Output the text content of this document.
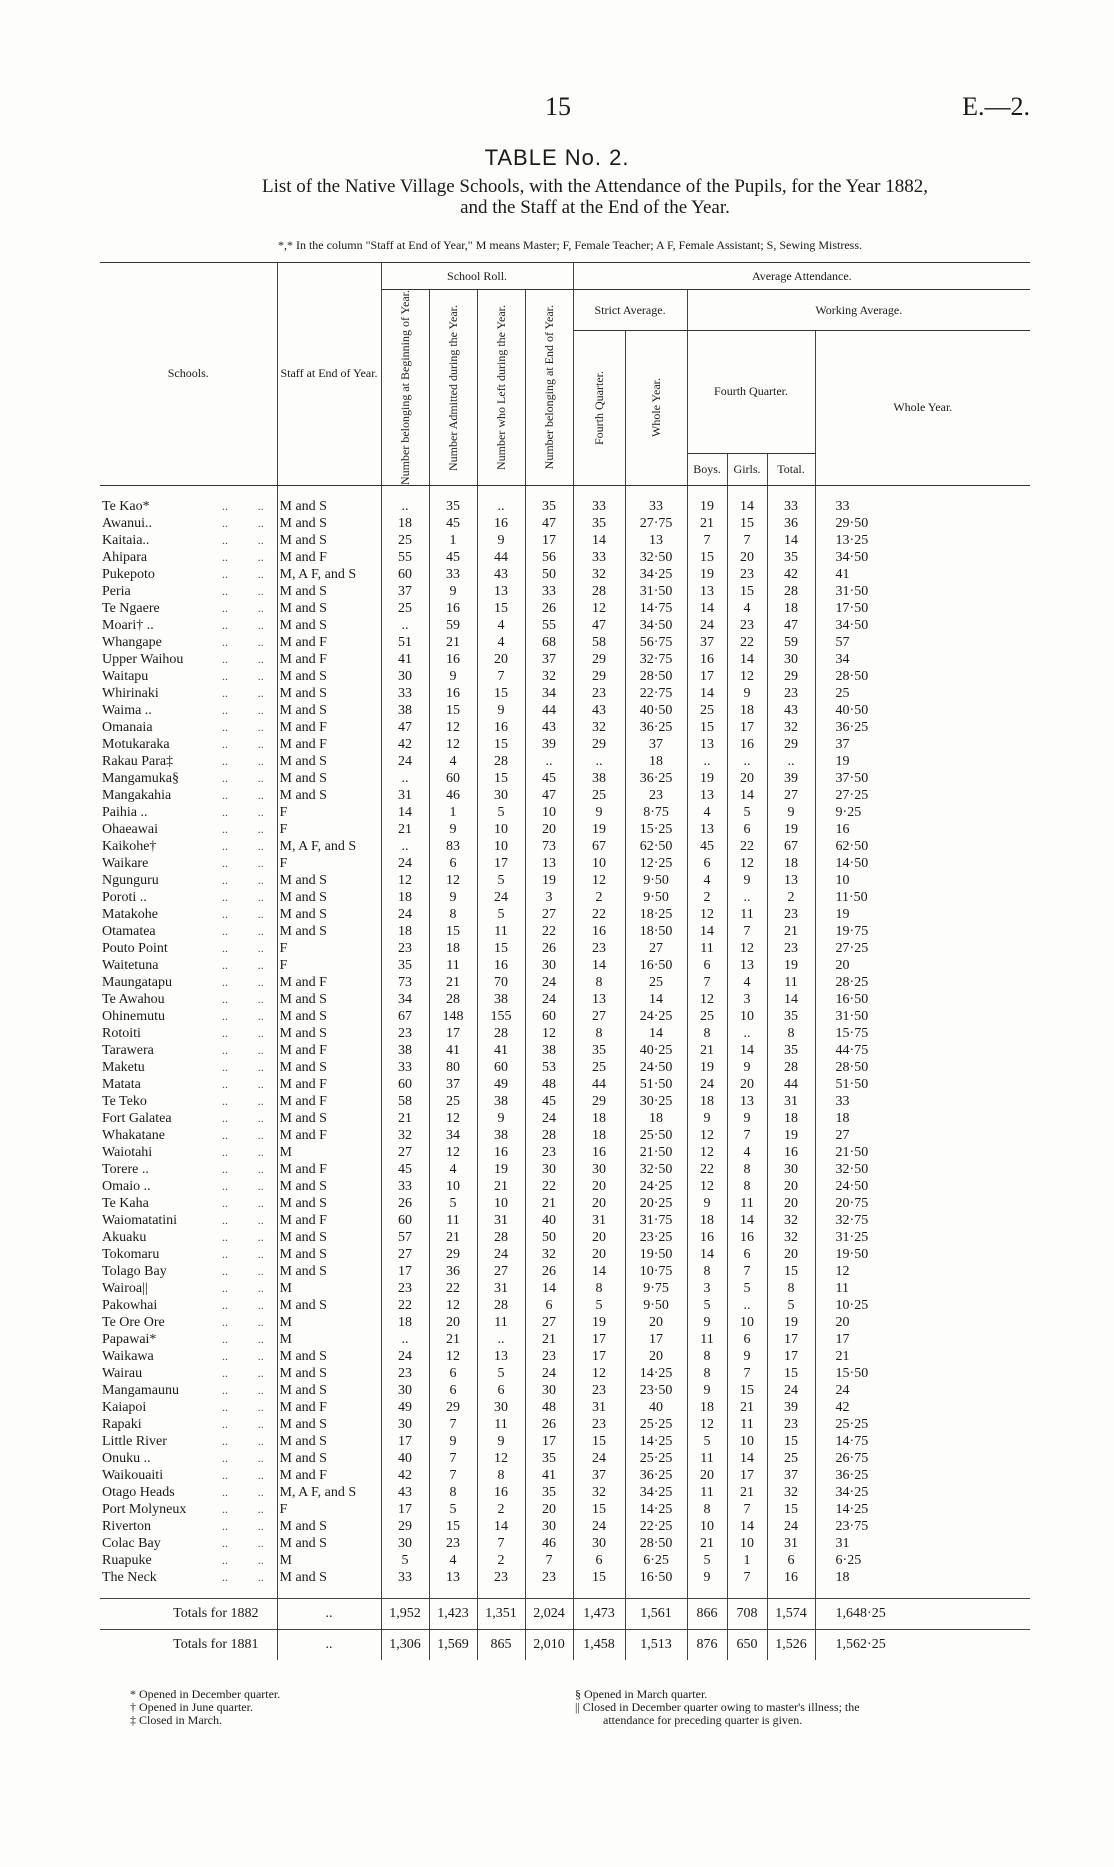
15	E.—2.
TABLE No. 2.
List of the Native Village Schools, with the Attendance of the Pupils, for the Year 1882,
and the Staff at the End of the Year.
*,* In the column "Staff at End of Year," M means Master; F, Female Teacher; A F, Female Assistant; S, Sewing Mistress.
Schools.			Staff at End of Year.		School Roll.				Average Attendance.					

					Number belonging at Beginning of Year.	Number Admitted during the Year.	Number who Left during the Year.	Number belonging at End of Year.	Strict Average.		Working Average.			

									Fourth Quarter.	Whole Year.	Fourth Quarter.			Whole Year.
											Boys.	Girls.	Total.	
Te Kao*	..	..	M and S		..	35	..	35	33	33	19	14	33	33
Awanui..	..	..	M and S		18	45	16	47	35	27·75	21	15	36	29·50
Kaitaia..	..	..	M and S		25	1	9	17	14	13	7	7	14	13·25
Ahipara	..	..	M and F		55	45	44	56	33	32·50	15	20	35	34·50
Pukepoto	..	..	M, A F, and S		60	33	43	50	32	34·25	19	23	42	41
Peria	..	..	M and S		37	9	13	33	28	31·50	13	15	28	31·50
Te Ngaere	..	..	M and S		25	16	15	26	12	14·75	14	4	18	17·50
Moari† ..	..	..	M and S		..	59	4	55	47	34·50	24	23	47	34·50
Whangape	..	..	M and F		51	21	4	68	58	56·75	37	22	59	57
Upper Waihou	..	..	M and F		41	16	20	37	29	32·75	16	14	30	34
Waitapu	..	..	M and S		30	9	7	32	29	28·50	17	12	29	28·50
Whirinaki	..	..	M and S		33	16	15	34	23	22·75	14	9	23	25
Waima ..	..	..	M and S		38	15	9	44	43	40·50	25	18	43	40·50
Omanaia	..	..	M and F		47	12	16	43	32	36·25	15	17	32	36·25
Motukaraka	..	..	M and F		42	12	15	39	29	37	13	16	29	37
Rakau Para‡	..	..	M and S		24	4	28	..	..	18	..	..	..	19
Mangamuka§	..	..	M and S		..	60	15	45	38	36·25	19	20	39	37·50
Mangakahia	..	..	M and S		31	46	30	47	25	23	13	14	27	27·25
Paihia ..	..	..	F		14	1	5	10	9	8·75	4	5	9	9·25
Ohaeawai	..	..	F		21	9	10	20	19	15·25	13	6	19	16
Kaikohe†	..	..	M, A F, and S		..	83	10	73	67	62·50	45	22	67	62·50
Waikare	..	..	F		24	6	17	13	10	12·25	6	12	18	14·50
Ngunguru	..	..	M and S		12	12	5	19	12	9·50	4	9	13	10
Poroti ..	..	..	M and S		18	9	24	3	2	9·50	2	..	2	11·50
Matakohe	..	..	M and S		24	8	5	27	22	18·25	12	11	23	19
Otamatea	..	..	M and S		18	15	11	22	16	18·50	14	7	21	19·75
Pouto Point	..	..	F		23	18	15	26	23	27	11	12	23	27·25
Waitetuna	..	..	F		35	11	16	30	14	16·50	6	13	19	20
Maungatapu	..	..	M and F		73	21	70	24	8	25	7	4	11	28·25
Te Awahou	..	..	M and S		34	28	38	24	13	14	12	3	14	16·50
Ohinemutu	..	..	M and S		67	148	155	60	27	24·25	25	10	35	31·50
Rotoiti	..	..	M and S		23	17	28	12	8	14	8	..	8	15·75
Tarawera	..	..	M and F		38	41	41	38	35	40·25	21	14	35	44·75
Maketu	..	..	M and S		33	80	60	53	25	24·50	19	9	28	28·50
Matata	..	..	M and F		60	37	49	48	44	51·50	24	20	44	51·50
Te Teko	..	..	M and F		58	25	38	45	29	30·25	18	13	31	33
Fort Galatea	..	..	M and S		21	12	9	24	18	18	9	9	18	18
Whakatane	..	..	M and F		32	34	38	28	18	25·50	12	7	19	27
Waiotahi	..	..	M		27	12	16	23	16	21·50	12	4	16	21·50
Torere ..	..	..	M and F		45	4	19	30	30	32·50	22	8	30	32·50
Omaio ..	..	..	M and S		33	10	21	22	20	24·25	12	8	20	24·50
Te Kaha	..	..	M and S		26	5	10	21	20	20·25	9	11	20	20·75
Waiomatatini	..	..	M and F		60	11	31	40	31	31·75	18	14	32	32·75
Akuaku	..	..	M and S		57	21	28	50	20	23·25	16	16	32	31·25
Tokomaru	..	..	M and S		27	29	24	32	20	19·50	14	6	20	19·50
Tolago Bay	..	..	M and S		17	36	27	26	14	10·75	8	7	15	12
Wairoa||	..	..	M		23	22	31	14	8	9·75	3	5	8	11
Pakowhai	..	..	M and S		22	12	28	6	5	9·50	5	..	5	10·25
Te Ore Ore	..	..	M		18	20	11	27	19	20	9	10	19	20
Papawai*	..	..	M		..	21	..	21	17	17	11	6	17	17
Waikawa	..	..	M and S		24	12	13	23	17	20	8	9	17	21
Wairau	..	..	M and S		23	6	5	24	12	14·25	8	7	15	15·50
Mangamaunu	..	..	M and S		30	6	6	30	23	23·50	9	15	24	24
Kaiapoi	..	..	M and F		49	29	30	48	31	40	18	21	39	42
Rapaki	..	..	M and S		30	7	11	26	23	25·25	12	11	23	25·25
Little River	..	..	M and S		17	9	9	17	15	14·25	5	10	15	14·75
Onuku ..	..	..	M and S		40	7	12	35	24	25·25	11	14	25	26·75
Waikouaiti	..	..	M and F		42	7	8	41	37	36·25	20	17	37	36·25
Otago Heads	..	..	M, A F, and S		43	8	16	35	32	34·25	11	21	32	34·25
Port Molyneux	..	..	F		17	5	2	20	15	14·25	8	7	15	14·25
Riverton	..	..	M and S		29	15	14	30	24	22·25	10	14	24	23·75
Colac Bay	..	..	M and S		30	23	7	46	30	28·50	21	10	31	31
Ruapuke	..	..	M		5	4	2	7	6	6·25	5	1	6	6·25
The Neck	..	..	M and S		33	13	23	23	15	16·50	9	7	16	18
Totals for 1882			..		1,952	1,423	1,351	2,024	1,473	1,561	866	708	1,574	1,648·25
Totals for 1881			..		1,306	1,569	865	2,010	1,458	1,513	876	650	1,526	1,562·25
* Opened in December quarter.
† Opened in June quarter.
‡ Closed in March.
§ Opened in March quarter.
|| Closed in December quarter owing to master's illness; the
attendance for preceding quarter is given.
